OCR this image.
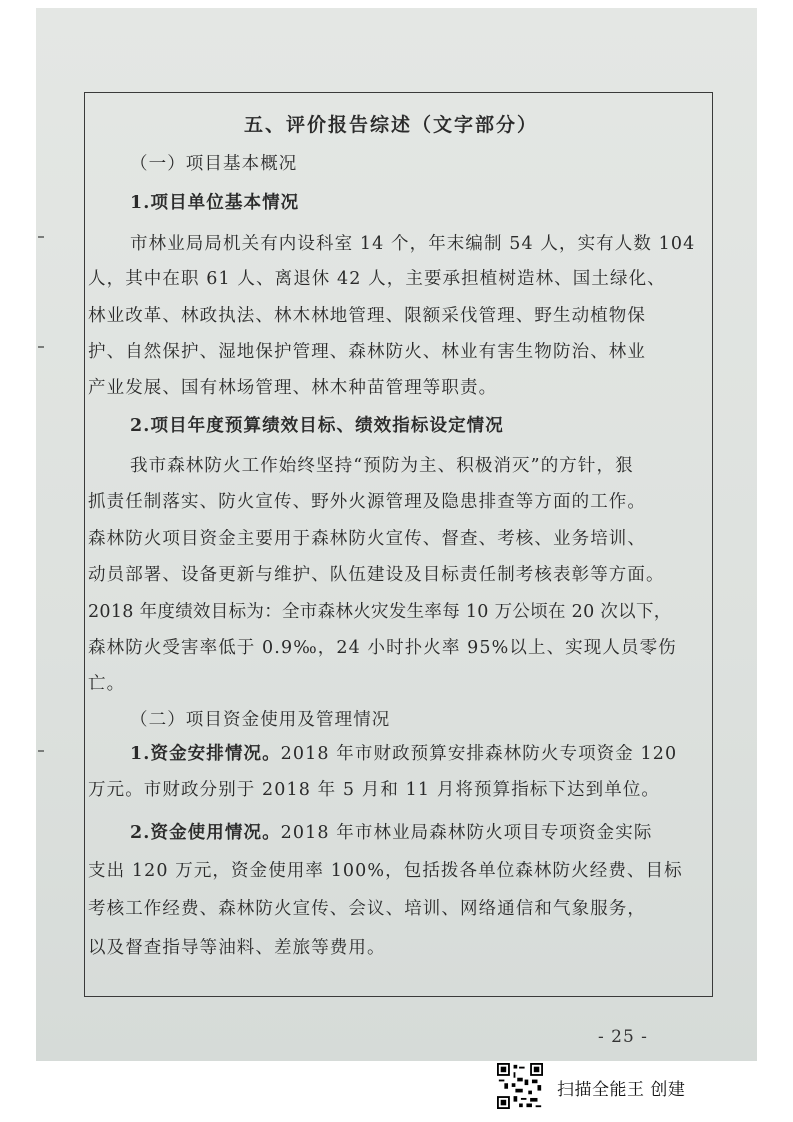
五、评价报告综述（文字部分）
（一）项目基本概况
1.项目单位基本情况
市林业局局机关有内设科室 14 个，年末编制 54 人，实有人数 104
人，其中在职 61 人、离退休 42 人，主要承担植树造林、国土绿化、
林业改革、林政执法、林木林地管理、限额采伐管理、野生动植物保
护、自然保护、湿地保护管理、森林防火、林业有害生物防治、林业
产业发展、国有林场管理、林木种苗管理等职责。
2.项目年度预算绩效目标、绩效指标设定情况
我市森林防火工作始终坚持“预防为主、积极消灭”的方针，狠
抓责任制落实、防火宣传、野外火源管理及隐患排查等方面的工作。
森林防火项目资金主要用于森林防火宣传、督查、考核、业务培训、
动员部署、设备更新与维护、队伍建设及目标责任制考核表彰等方面。
2018 年度绩效目标为：全市森林火灾发生率每 10 万公顷在 20 次以下，
森林防火受害率低于 0.9‰，24 小时扑火率 95%以上、实现人员零伤
亡。
（二）项目资金使用及管理情况
1.资金安排情况。2018 年市财政预算安排森林防火专项资金 120
万元。市财政分别于 2018 年 5 月和 11 月将预算指标下达到单位。
2.资金使用情况。2018 年市林业局森林防火项目专项资金实际
支出 120 万元，资金使用率 100%，包括拨各单位森林防火经费、目标
考核工作经费、森林防火宣传、会议、培训、网络通信和气象服务，
以及督查指导等油料、差旅等费用。
- 25 -
扫描全能王 创建
